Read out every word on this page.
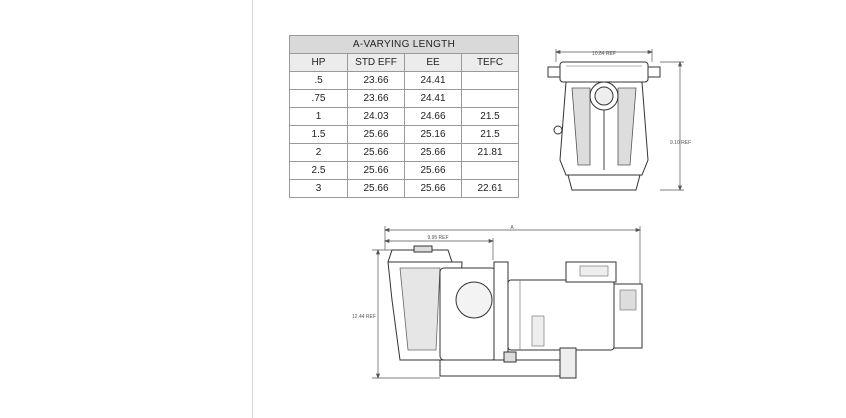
A-VARYING LENGTH			
HP	STD EFF	EE	TEFC
.5	23.66	24.41	
.75	23.66	24.41	
1	24.03	24.66	21.5
1.5	25.66	25.16	21.5
2	25.66	25.66	21.81
2.5	25.66	25.66	
3	25.66	25.66	22.61
10.84 REF
9.10 REF
A
9.95 REF
12.44 REF
